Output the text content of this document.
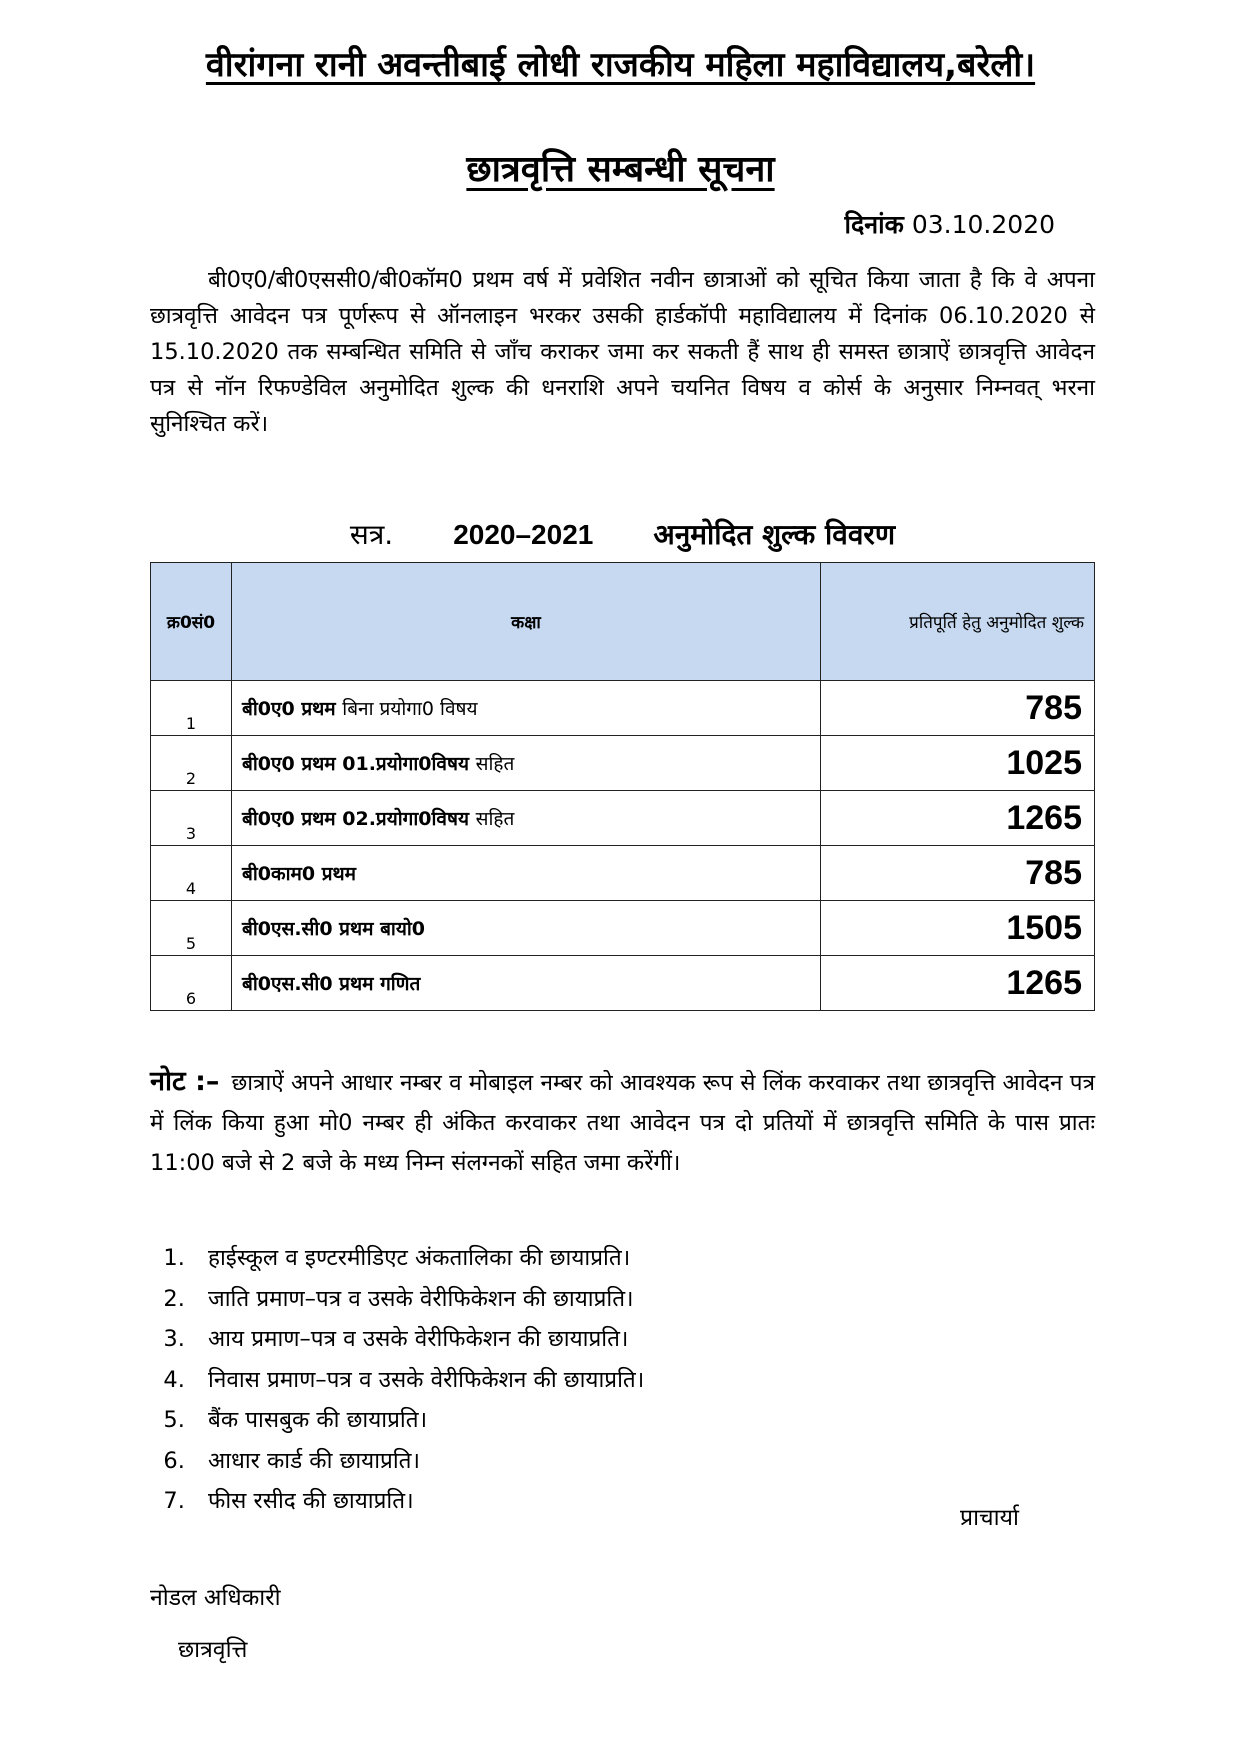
वीरांगना रानी अवन्तीबाई लोधी राजकीय महिला महाविद्यालय,बरेली।
छात्रवृत्ति सम्बन्धी सूचना
दिनांक 03.10.2020
बी0ए0/बी0एससी0/बी0कॉम0 प्रथम वर्ष में प्रवेशित नवीन छात्राओं को सूचित किया जाता है कि वे अपना छात्रवृत्ति आवेदन पत्र पूर्णरूप से ऑनलाइन भरकर उसकी हार्डकॉपी महाविद्यालय में दिनांक 06.10.2020 से 15.10.2020 तक सम्बन्धित समिति से जाँच कराकर जमा कर सकती हैं साथ ही समस्त छात्राऐं छात्रवृत्ति आवेदन पत्र से नॉन रिफण्डेविल अनुमोदित शुल्क की धनराशि अपने चयनित विषय व कोर्स के अनुसार निम्नवत् भरना सुनिश्चित करें।
सत्र. 2020–2021 अनुमोदित शुल्क विवरण
क्र0सं0	कक्षा	प्रतिपूर्ति हेतु अनुमोदित शुल्क
1	बी0ए0 प्रथम बिना प्रयोगा0 विषय	785
2	बी0ए0 प्रथम 01.प्रयोगा0विषय सहित	1025
3	बी0ए0 प्रथम 02.प्रयोगा0विषय सहित	1265
4	बी0काम0 प्रथम	785
5	बी0एस.सी0 प्रथम बायो0	1505
6	बी0एस.सी0 प्रथम गणित	1265
नोट :– छात्राऐं अपने आधार नम्बर व मोबाइल नम्बर को आवश्यक रूप से लिंक करवाकर तथा छात्रवृत्ति आवेदन पत्र में लिंक किया हुआ मो0 नम्बर ही अंकित करवाकर तथा आवेदन पत्र दो प्रतियों में छात्रवृत्ति समिति के पास प्रातः 11:00 बजे से 2 बजे के मध्य निम्न संलग्नकों सहित जमा करेंगीं।
1. हाईस्कूल व इण्टरमीडिएट अंकतालिका की छायाप्रति।
2. जाति प्रमाण–पत्र व उसके वेरीफिकेशन की छायाप्रति।
3. आय प्रमाण–पत्र व उसके वेरीफिकेशन की छायाप्रति।
4. निवास प्रमाण–पत्र व उसके वेरीफिकेशन की छायाप्रति।
5. बैंक पासबुक की छायाप्रति।
6. आधार कार्ड की छायाप्रति।
7. फीस रसीद की छायाप्रति।
प्राचार्या
नोडल अधिकारी
छात्रवृत्ति
